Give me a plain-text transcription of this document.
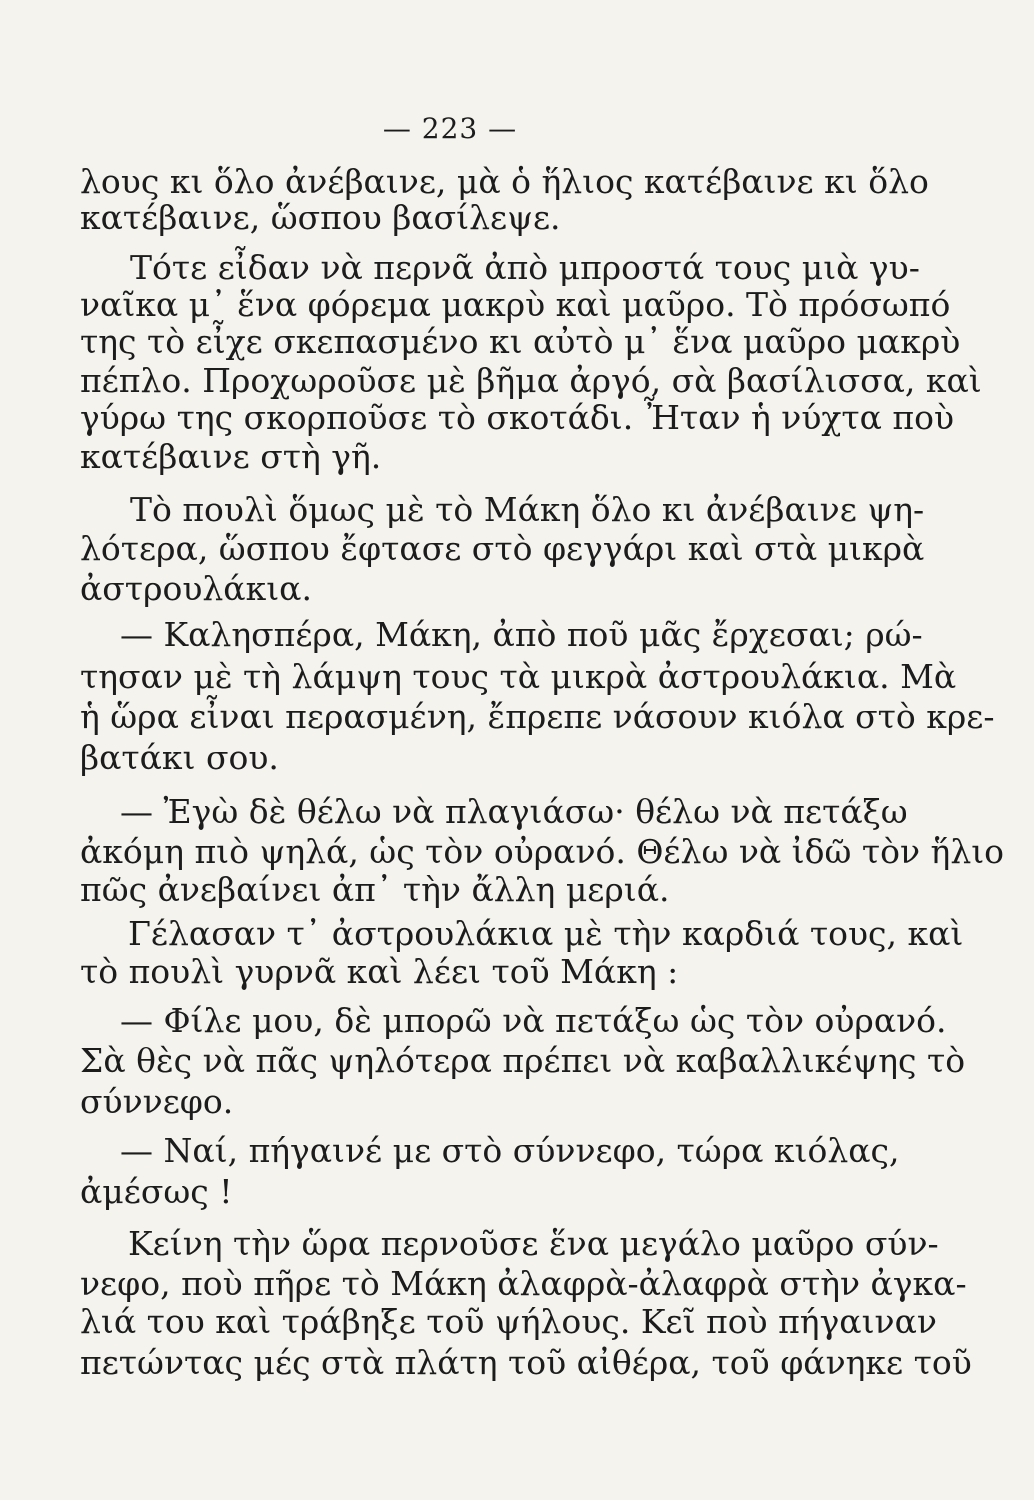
— 223 —
λους κι ὅλο ἀνέβαινε, μὰ ὁ ἥλιος κατέβαινε κι ὅλο
κατέβαινε, ὥσπου βασίλεψε.
Τότε εἶδαν νὰ περνᾶ ἀπὸ μπροστά τους μιὰ γυ-
ναῖκα μ᾽ ἕνα φόρεμα μακρὺ καὶ μαῦρο. Τὸ πρόσωπό
της τὸ εἶχε σκεπασμένο κι αὐτὸ μ᾽ ἕνα μαῦρο μακρὺ
πέπλο. Προχωροῦσε μὲ βῆμα ἀργό, σὰ βασίλισσα, καὶ
γύρω της σκορποῦσε τὸ σκοτάδι. Ἦταν ἡ νύχτα ποὺ
κατέβαινε στὴ γῆ.
Τὸ πουλὶ ὅμως μὲ τὸ Μάκη ὅλο κι ἀνέβαινε ψη-
λότερα, ὥσπου ἔφτασε στὸ φεγγάρι καὶ στὰ μικρὰ
ἀστρουλάκια.
— Καλησπέρα, Μάκη, ἀπὸ ποῦ μᾶς ἔρχεσαι; ρώ-
τησαν μὲ τὴ λάμψη τους τὰ μικρὰ ἀστρουλάκια. Μὰ
ἡ ὥρα εἶναι περασμένη, ἔπρεπε νάσουν κιόλα στὸ κρε-
βατάκι σου.
— Ἐγὼ δὲ θέλω νὰ πλαγιάσω· θέλω νὰ πετάξω
ἀκόμη πιὸ ψηλά, ὡς τὸν οὐρανό. Θέλω νὰ ἰδῶ τὸν ἥλιο
πῶς ἀνεβαίνει ἀπ᾽ τὴν ἄλλη μεριά.
Γέλασαν τ᾽ ἀστρουλάκια μὲ τὴν καρδιά τους, καὶ
τὸ πουλὶ γυρνᾶ καὶ λέει τοῦ Μάκη :
— Φίλε μου, δὲ μπορῶ νὰ πετάξω ὡς τὸν οὐρανό.
Σὰ θὲς νὰ πᾶς ψηλότερα πρέπει νὰ καβαλλικέψης τὸ
σύννεφο.
— Ναί, πήγαινέ με στὸ σύννεφο, τώρα κιόλας,
ἀμέσως !
Κείνη τὴν ὥρα περνοῦσε ἕνα μεγάλο μαῦρο σύν-
νεφο, ποὺ πῆρε τὸ Μάκη ἀλαφρὰ-ἀλαφρὰ στὴν ἀγκα-
λιά του καὶ τράβηξε τοῦ ψήλους. Κεῖ ποὺ πήγαιναν
πετώντας μές στὰ πλάτη τοῦ αἰθέρα, τοῦ φάνηκε τοῦ
